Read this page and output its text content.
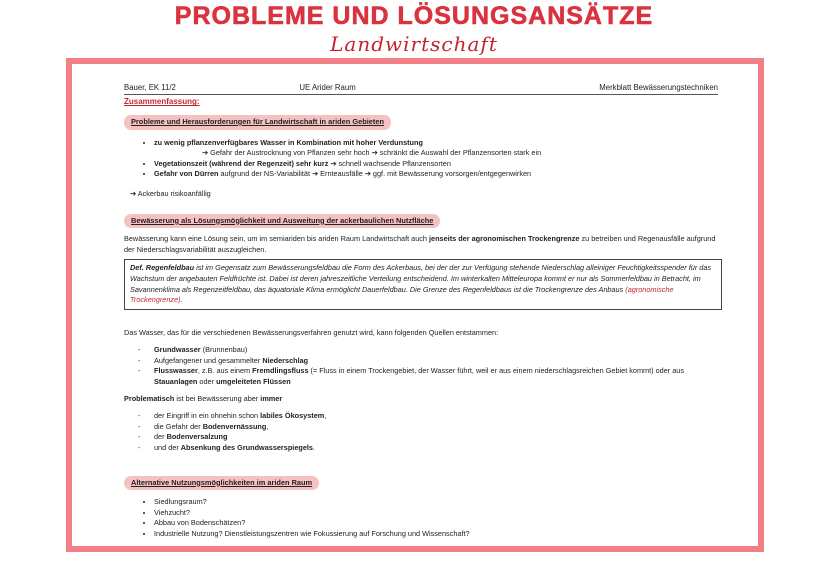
PROBLEME UND LÖSUNGSANSÄTZE
Landwirtschaft
Bauer, EK 11/2	UE Arider Raum	Merkblatt Bewässerungstechniken
Zusammenfassung:
Probleme und Herausforderungen für Landwirtschaft in ariden Gebieten
• zu wenig pflanzenverfügbares Wasser in Kombination mit hoher Verdunstung
➔ Gefahr der Austrocknung von Pflanzen sehr hoch ➔ schränkt die Auswahl der Pflanzensorten stark ein
• Vegetationszeit (während der Regenzeit) sehr kurz ➔ schnell wachsende Pflanzensorten
• Gefahr von Dürren aufgrund der NS-Variabilität ➔ Ernteausfälle ➔ ggf. mit Bewässerung vorsorgen/entgegenwirken

➔ Ackerbau risikoanfällig

Bewässerung als Lösungsmöglichkeit und Ausweitung der ackerbaulichen Nutzfläche

Bewässerung kann eine Lösung sein, um im semiariden bis ariden Raum Landwirtschaft auch jenseits der agronomischen Trockengrenze zu betreiben und Regenausfälle aufgrund der Niederschlagsvariabilität auszugleichen.

Def. Regenfeldbau ist im Gegensatz zum Bewässerungsfeldbau die Form des Ackerbaus, bei der der zur Verfügung stehende Niederschlag alleiniger Feuchtigkeitsspender für das Wachstum der angebauten Feldfrüchte ist. Dabei ist deren jahreszeitliche Verteilung entscheidend. Im winterkalten Mitteleuropa kommt er nur als Sommerfeldbau in Betracht, im Savannenklima als Regenzeitfeldbau, das äquatoriale Klima ermöglicht Dauerfeldbau. Die Grenze des Regenfeldbaus ist die Trockengrenze des Anbaus (agronomische Trockengrenze).

Das Wasser, das für die verschiedenen Bewässerungsverfahren genutzt wird, kann folgenden Quellen entstammen:

- Grundwasser (Brunnenbau)
- Aufgefangener und gesammelter Niederschlag
- Flusswasser, z.B. aus einem Fremdlingsfluss (= Fluss in einem Trockengebiet, der Wasser führt, weil er aus einem niederschlagsreichen Gebiet kommt) oder aus Stauanlagen oder umgeleiteten Flüssen

Problematisch ist bei Bewässerung aber immer

- der Eingriff in ein ohnehin schon labiles Ökosystem,
- die Gefahr der Bodenvernässung,
- der Bodenversalzung
- und der Absenkung des Grundwasserspiegels.
Alternative Nutzungsmöglichkeiten im ariden Raum
• Siedlungsraum?
• Viehzucht?
• Abbau von Bodenschätzen?
• Industrielle Nutzung? Dienstleistungszentren wie Fokussierung auf Forschung und Wissenschaft?
